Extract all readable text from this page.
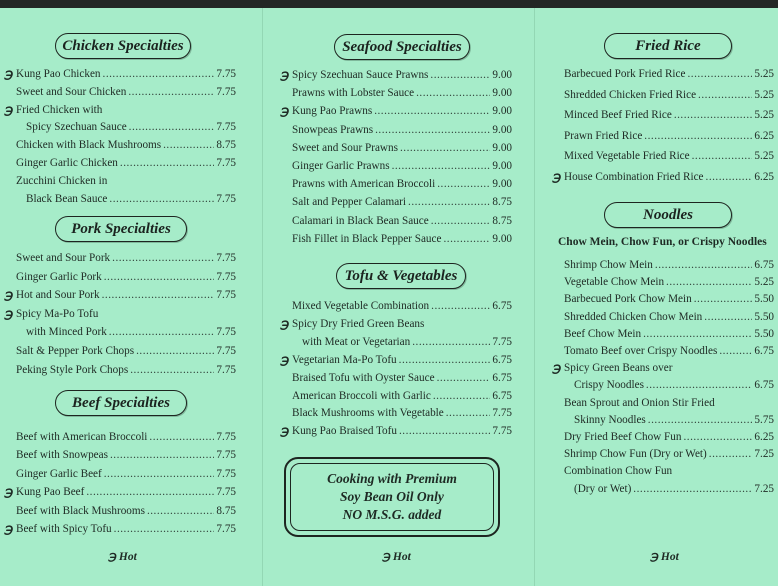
Chicken Specialties
℈ Kung Pao Chicken .....	7.75
Sweet and Sour Chicken .....	7.75
℈ Fried Chicken with
Spicy Szechuan Sauce .....	7.75
Chicken with Black Mushrooms .....	8.75
Ginger Garlic Chicken .....	7.75
Zucchini Chicken in
Black Bean Sauce .....	7.75
Pork Specialties
Sweet and Sour Pork .....	7.75
Ginger Garlic Pork .....	7.75
℈ Hot and Sour Pork .....	7.75
℈ Spicy Ma-Po Tofu
with Minced Pork .....	7.75
Salt & Pepper Pork Chops .....	7.75
Peking Style Pork Chops .....	7.75
Beef Specialties
Beef with American Broccoli .....	7.75
Beef with Snowpeas .....	7.75
Ginger Garlic Beef .....	7.75
℈ Kung Pao Beef .....	7.75
Beef with Black Mushrooms .....	8.75
℈ Beef with Spicy Tofu .....	7.75
℈ Hot
Seafood Specialties
℈ Spicy Szechuan Sauce Prawns .....	9.00
Prawns with Lobster Sauce .....	9.00
℈ Kung Pao Prawns .....	9.00
Snowpeas Prawns .....	9.00
Sweet and Sour Prawns .....	9.00
Ginger Garlic Prawns .....	9.00
Prawns with American Broccoli .....	9.00
Salt and Pepper Calamari .....	8.75
Calamari in Black Bean Sauce .....	8.75
Fish Fillet in Black Pepper Sauce .....	9.00
Tofu & Vegetables
Mixed Vegetable Combination .....	6.75
℈ Spicy Dry Fried Green Beans
with Meat or Vegetarian .....	7.75
℈ Vegetarian Ma-Po Tofu .....	6.75
Braised Tofu with Oyster Sauce .....	6.75
American Broccoli with Garlic .....	6.75
Black Mushrooms with Vegetable .....	7.75
℈ Kung Pao Braised Tofu .....	7.75
℈ Hot
Cooking with Premium
Soy Bean Oil Only
NO M.S.G. added
Fried Rice
Barbecued Pork Fried Rice .....	5.25
Shredded Chicken Fried Rice .....	5.25
Minced Beef Fried Rice .....	5.25
Prawn Fried Rice .....	6.25
Mixed Vegetable Fried Rice .....	5.25
℈ House Combination Fried Rice .....	6.25
Noodles
Chow Mein, Chow Fun, or Crispy Noodles
Shrimp Chow Mein .....	6.75
Vegetable Chow Mein .....	5.25
Barbecued Pork Chow Mein .....	5.50
Shredded Chicken Chow Mein .....	5.50
Beef Chow Mein .....	5.50
Tomato Beef over Crispy Noodles .....	6.75
℈ Spicy Green Beans over
Crispy Noodles .....	6.75
Bean Sprout and Onion Stir Fried
Skinny Noodles .....	5.75
Dry Fried Beef Chow Fun .....	6.25
Shrimp Chow Fun (Dry or Wet) .....	7.25
Combination Chow Fun
(Dry or Wet) .....	7.25
℈ Hot
